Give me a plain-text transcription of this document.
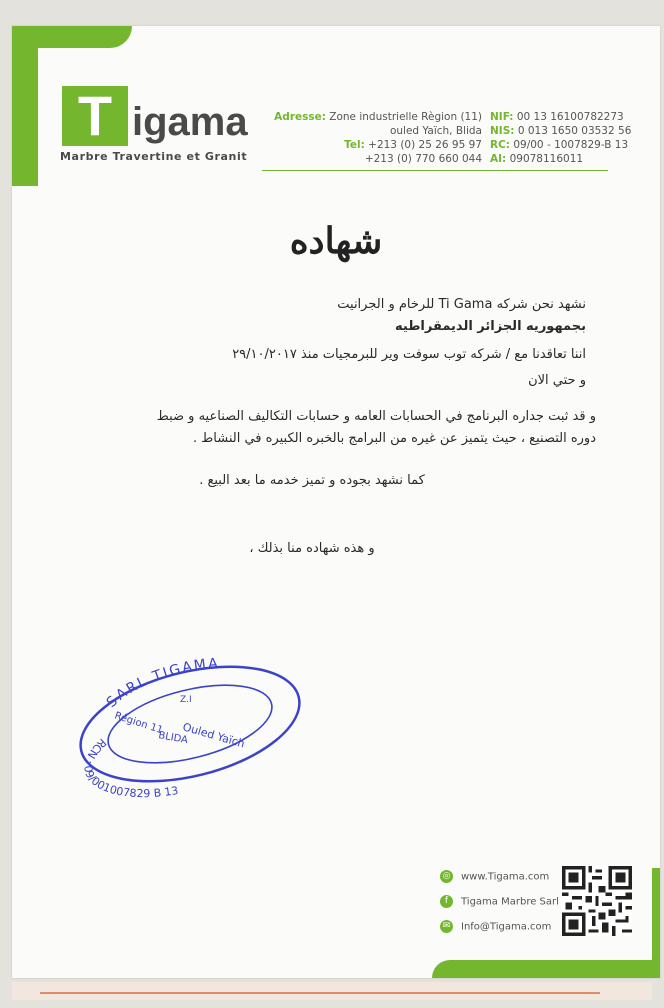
T igama
Marbre Travertine et Granit
Adresse: Zone industrielle Règion (11)
ouled Yaïch, Blida
Tel: +213 (0) 25 26 95 97
+213 (0) 770 660 044
NIF: 00 13 16100782273
NIS: 0 013 1650 03532 56
RC: 09/00 - 1007829-B 13
AI: 09078116011
شهاده
نشهد نحن شركه Ti Gama للرخام و الجرانيت
بجمهوريه الجزائر الديمقراطيه
اننا تعاقدنا مع / شركه توب سوفت وير للبرمجيات منذ ٢٩/١٠/٢٠١٧
و حتي الان
و قد ثبت جداره البرنامج في الحسابات العامه و حسابات التكاليف الصناعيه و ضبط
دوره التصنيع ، حيث يتميز عن غيره من البرامج بالخبره الكبيره في النشاط .
كما نشهد بجوده و تميز خدمه ما بعد البيع .
و هذه شهاده منا بذلك ،
SARL TIGAMA
RCN : 09/001007829 B 13
Z.I
Région 11 Ouled Yaïch
BLIDA
◎ www.Tigama.com
f Tigama Marbre Sarl
✉ Info@Tigama.com
